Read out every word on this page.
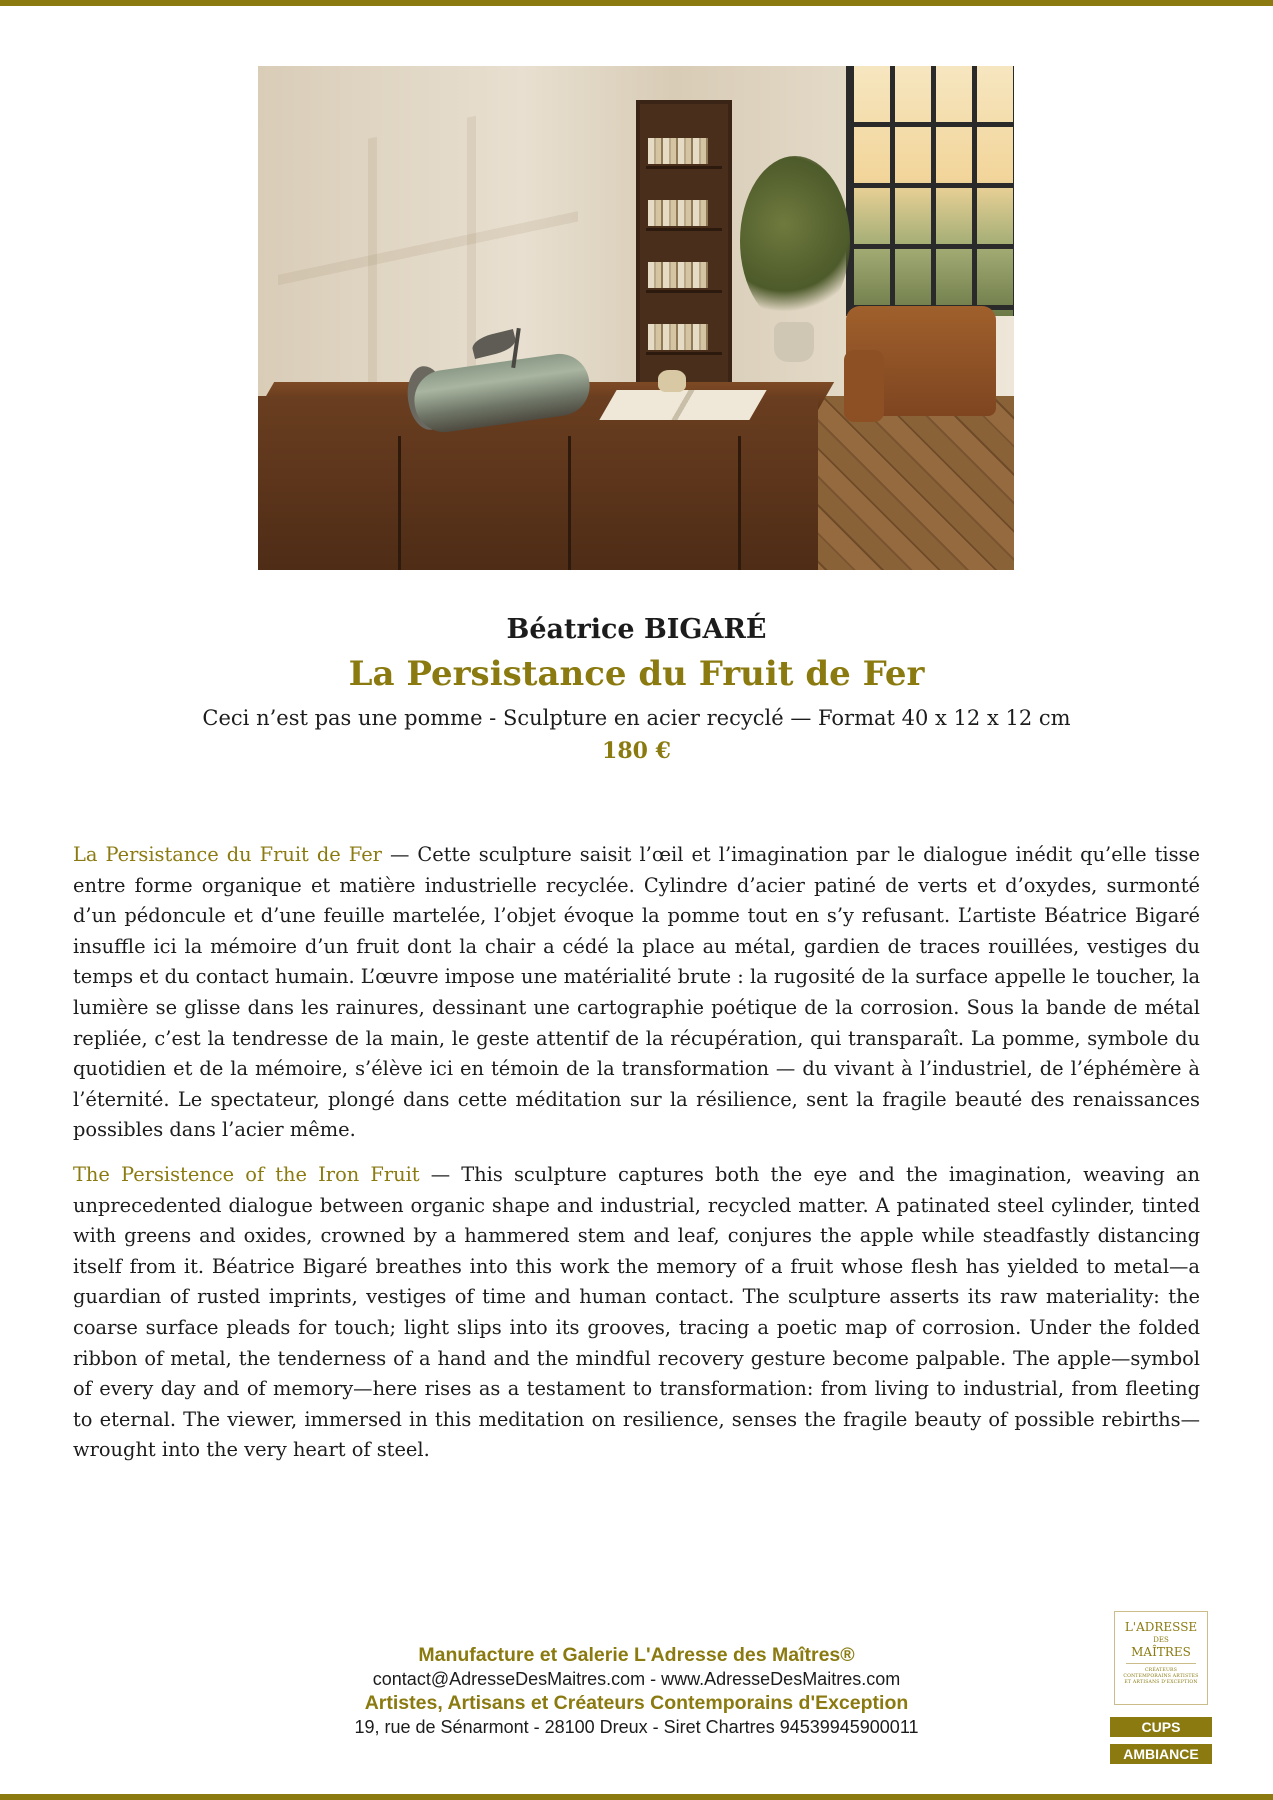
Béatrice BIGARÉ
La Persistance du Fruit de Fer
Ceci n’est pas une pomme - Sculpture en acier recyclé — Format 40 x 12 x 12 cm
180 €

La Persistance du Fruit de Fer — Cette sculpture saisit l’œil et l’imagination par le dialogue inédit qu’elle tisse entre forme organique et matière industrielle recyclée. Cylindre d’acier patiné de verts et d’oxydes, surmonté d’un pédoncule et d’une feuille martelée, l’objet évoque la pomme tout en s’y refusant. L’artiste Béatrice Bigaré insuffle ici la mémoire d’un fruit dont la chair a cédé la place au métal, gardien de traces rouillées, vestiges du temps et du contact humain. L’œuvre impose une matérialité brute : la rugosité de la surface appelle le toucher, la lumière se glisse dans les rainures, dessinant une cartographie poétique de la corrosion. Sous la bande de métal repliée, c’est la tendresse de la main, le geste attentif de la récupération, qui transparaît. La pomme, symbole du quotidien et de la mémoire, s’élève ici en témoin de la transformation — du vivant à l’industriel, de l’éphémère à l’éternité. Le spectateur, plongé dans cette méditation sur la résilience, sent la fragile beauté des renaissances possibles dans l’acier même.

The Persistence of the Iron Fruit — This sculpture captures both the eye and the imagination, weaving an unprecedented dialogue between organic shape and industrial, recycled matter. A patinated steel cylinder, tinted with greens and oxides, crowned by a hammered stem and leaf, conjures the apple while steadfastly distancing itself from it. Béatrice Bigaré breathes into this work the memory of a fruit whose flesh has yielded to metal—a guardian of rusted imprints, vestiges of time and human contact. The sculpture asserts its raw materiality: the coarse surface pleads for touch; light slips into its grooves, tracing a poetic map of corrosion. Under the folded ribbon of metal, the tenderness of a hand and the mindful recovery gesture become palpable. The apple—symbol of every day and of memory—here rises as a testament to transformation: from living to industrial, from fleeting to eternal. The viewer, immersed in this meditation on resilience, senses the fragile beauty of possible rebirths—wrought into the very heart of steel.

Manufacture et Galerie L'Adresse des Maîtres®
contact@AdresseDesMaitres.com - www.AdresseDesMaitres.com
Artistes, Artisans et Créateurs Contemporains d'Exception
19, rue de Sénarmont - 28100 Dreux - Siret Chartres 94539945900011
L'ADRESSE
DES
MAÎTRES
CRÉATEURS CONTEMPORAINS ARTISTES ET ARTISANS D'EXCEPTION
CUPS
AMBIANCE
